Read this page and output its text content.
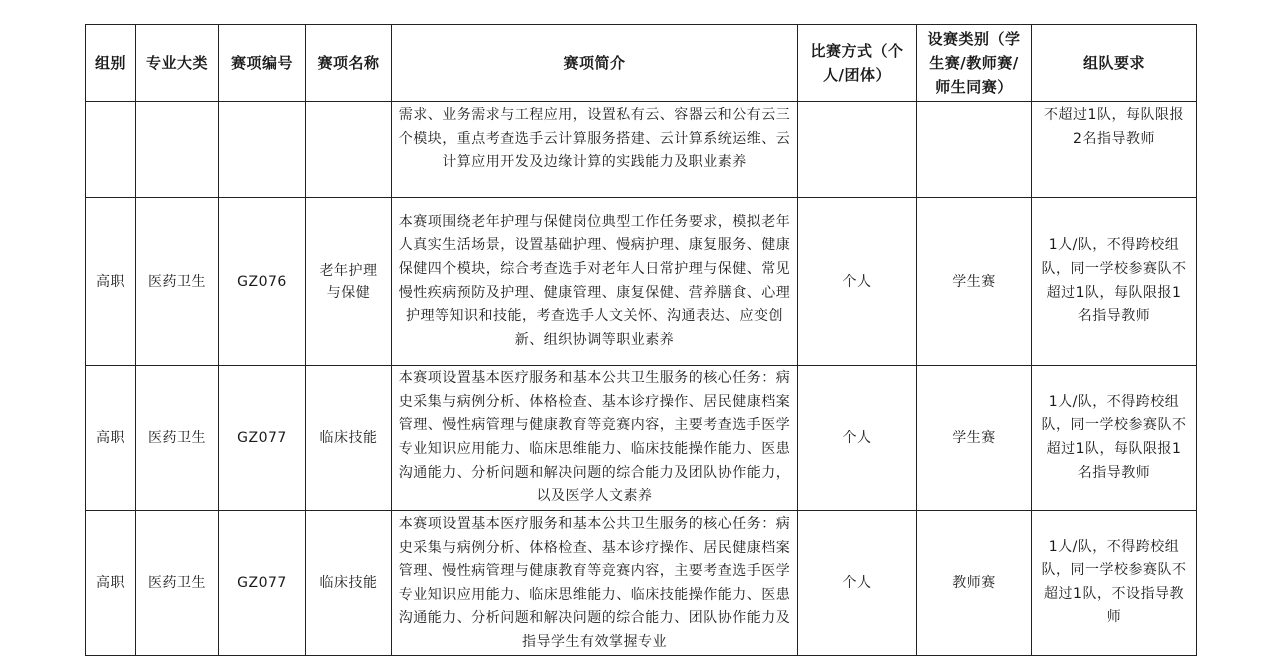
组别	专业大类	赛项编号	赛项名称	赛项简介	比赛方式（个人/团体）	设赛类别（学生赛/教师赛/师生同赛）	组队要求
				需求、业务需求与工程应用，设置私有云、容器云和公有云三个模块，重点考查选手云计算服务搭建、云计算系统运维、云计算应用开发及边缘计算的实践能力及职业素养			不超过1队，每队限报2名指导教师
高职	医药卫生	GZ076	老年护理与保健	本赛项围绕老年护理与保健岗位典型工作任务要求，模拟老年人真实生活场景，设置基础护理、慢病护理、康复服务、健康保健四个模块，综合考查选手对老年人日常护理与保健、常见慢性疾病预防及护理、健康管理、康复保健、营养膳食、心理护理等知识和技能，考查选手人文关怀、沟通表达、应变创新、组织协调等职业素养	个人	学生赛	1人/队，不得跨校组队，同一学校参赛队不超过1队，每队限报1名指导教师
高职	医药卫生	GZ077	临床技能	本赛项设置基本医疗服务和基本公共卫生服务的核心任务：病史采集与病例分析、体格检查、基本诊疗操作、居民健康档案管理、慢性病管理与健康教育等竞赛内容，主要考查选手医学专业知识应用能力、临床思维能力、临床技能操作能力、医患沟通能力、分析问题和解决问题的综合能力及团队协作能力，以及医学人文素养	个人	学生赛	1人/队，不得跨校组队，同一学校参赛队不超过1队，每队限报1名指导教师
高职	医药卫生	GZ077	临床技能	本赛项设置基本医疗服务和基本公共卫生服务的核心任务：病史采集与病例分析、体格检查、基本诊疗操作、居民健康档案管理、慢性病管理与健康教育等竞赛内容，主要考查选手医学专业知识应用能力、临床思维能力、临床技能操作能力、医患沟通能力、分析问题和解决问题的综合能力、团队协作能力及指导学生有效掌握专业	个人	教师赛	1人/队，不得跨校组队，同一学校参赛队不超过1队，不设指导教师
